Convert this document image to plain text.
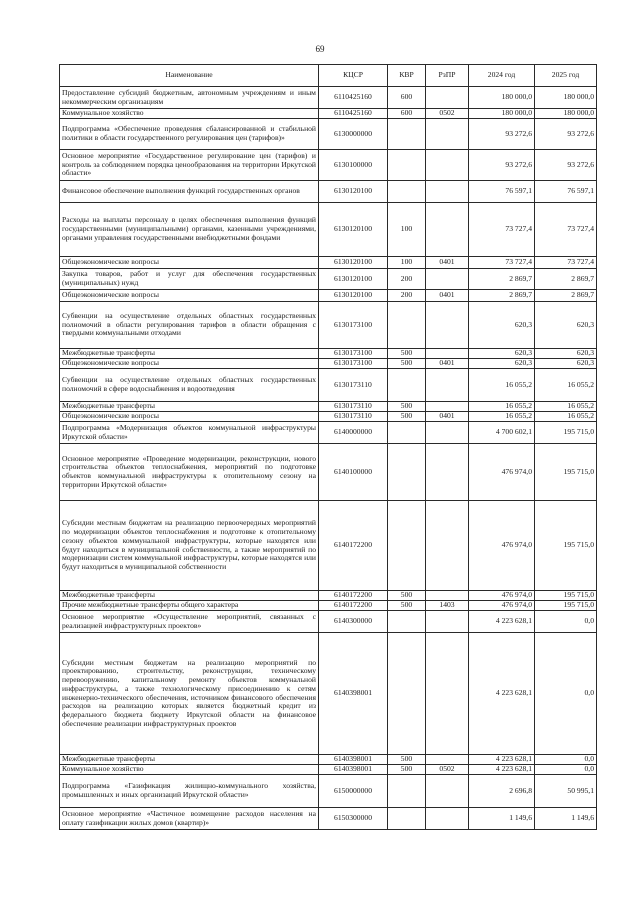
69
Наименование	КЦСР	КВР	РзПР	2024 год	2025 год
Предоставление субсидий бюджетным, автономным учреждениям и иным некоммерческим организациям	6110425160	600		180 000,0	180 000,0
Коммунальное хозяйство	6110425160	600	0502	180 000,0	180 000,0
Подпрограмма «Обеспечение проведения сбалансированной и стабильной политики в области государственного регулирования цен (тарифов)»	6130000000			93 272,6	93 272,6
Основное мероприятие «Государственное регулирование цен (тарифов) и контроль за соблюдением порядка ценообразования на территории Иркутской области»	6130100000			93 272,6	93 272,6
Финансовое обеспечение выполнения функций государственных органов	6130120100			76 597,1	76 597,1
Расходы на выплаты персоналу в целях обеспечения выполнения функций государственными (муниципальными) органами, казенными учреждениями, органами управления государственными внебюджетными фондами	6130120100	100		73 727,4	73 727,4
Общеэкономические вопросы	6130120100	100	0401	73 727,4	73 727,4
Закупка товаров, работ и услуг для обеспечения государственных (муниципальных) нужд	6130120100	200		2 869,7	2 869,7
Общеэкономические вопросы	6130120100	200	0401	2 869,7	2 869,7
Субвенции на осуществление отдельных областных государственных полномочий в области регулирования тарифов в области обращения с твердыми коммунальными отходами	6130173100			620,3	620,3
Межбюджетные трансферты	6130173100	500		620,3	620,3
Общеэкономические вопросы	6130173100	500	0401	620,3	620,3
Субвенции на осуществление отдельных областных государственных полномочий в сфере водоснабжения и водоотведения	6130173110			16 055,2	16 055,2
Межбюджетные трансферты	6130173110	500		16 055,2	16 055,2
Общеэкономические вопросы	6130173110	500	0401	16 055,2	16 055,2
Подпрограмма «Модернизация объектов коммунальной инфраструктуры Иркутской области»	6140000000			4 700 602,1	195 715,0
Основное мероприятие «Проведение модернизации, реконструкции, нового строительства объектов теплоснабжения, мероприятий по подготовке объектов коммунальной инфраструктуры к отопительному сезону на территории Иркутской области»	6140100000			476 974,0	195 715,0
Субсидии местным бюджетам на реализацию первоочередных мероприятий по модернизации объектов теплоснабжения и подготовке к отопительному сезону объектов коммунальной инфраструктуры, которые находятся или будут находиться в муниципальной собственности, а также мероприятий по модернизации систем коммунальной инфраструктуры, которые находятся или будут находиться в муниципальной собственности	6140172200			476 974,0	195 715,0
Межбюджетные трансферты	6140172200	500		476 974,0	195 715,0
Прочие межбюджетные трансферты общего характера	6140172200	500	1403	476 974,0	195 715,0
Основное мероприятие «Осуществление мероприятий, связанных с реализацией инфраструктурных проектов»	6140300000			4 223 628,1	0,0
Субсидии местным бюджетам на реализацию мероприятий по проектированию, строительству, реконструкции, техническому перевооружению, капитальному ремонту объектов коммунальной инфраструктуры, а также технологическому присоединению к сетям инженерно-технического обеспечения, источником финансового обеспечения расходов на реализацию которых является бюджетный кредит из федерального бюджета бюджету Иркутской области на финансовое обеспечение реализации инфраструктурных проектов	6140398001			4 223 628,1	0,0
Межбюджетные трансферты	6140398001	500		4 223 628,1	0,0
Коммунальное хозяйство	6140398001	500	0502	4 223 628,1	0,0
Подпрограмма «Газификация жилищно-коммунального хозяйства, промышленных и иных организаций Иркутской области»	6150000000			2 696,8	50 995,1
Основное мероприятие «Частичное возмещение расходов населения на оплату газификации жилых домов (квартир)»	6150300000			1 149,6	1 149,6
